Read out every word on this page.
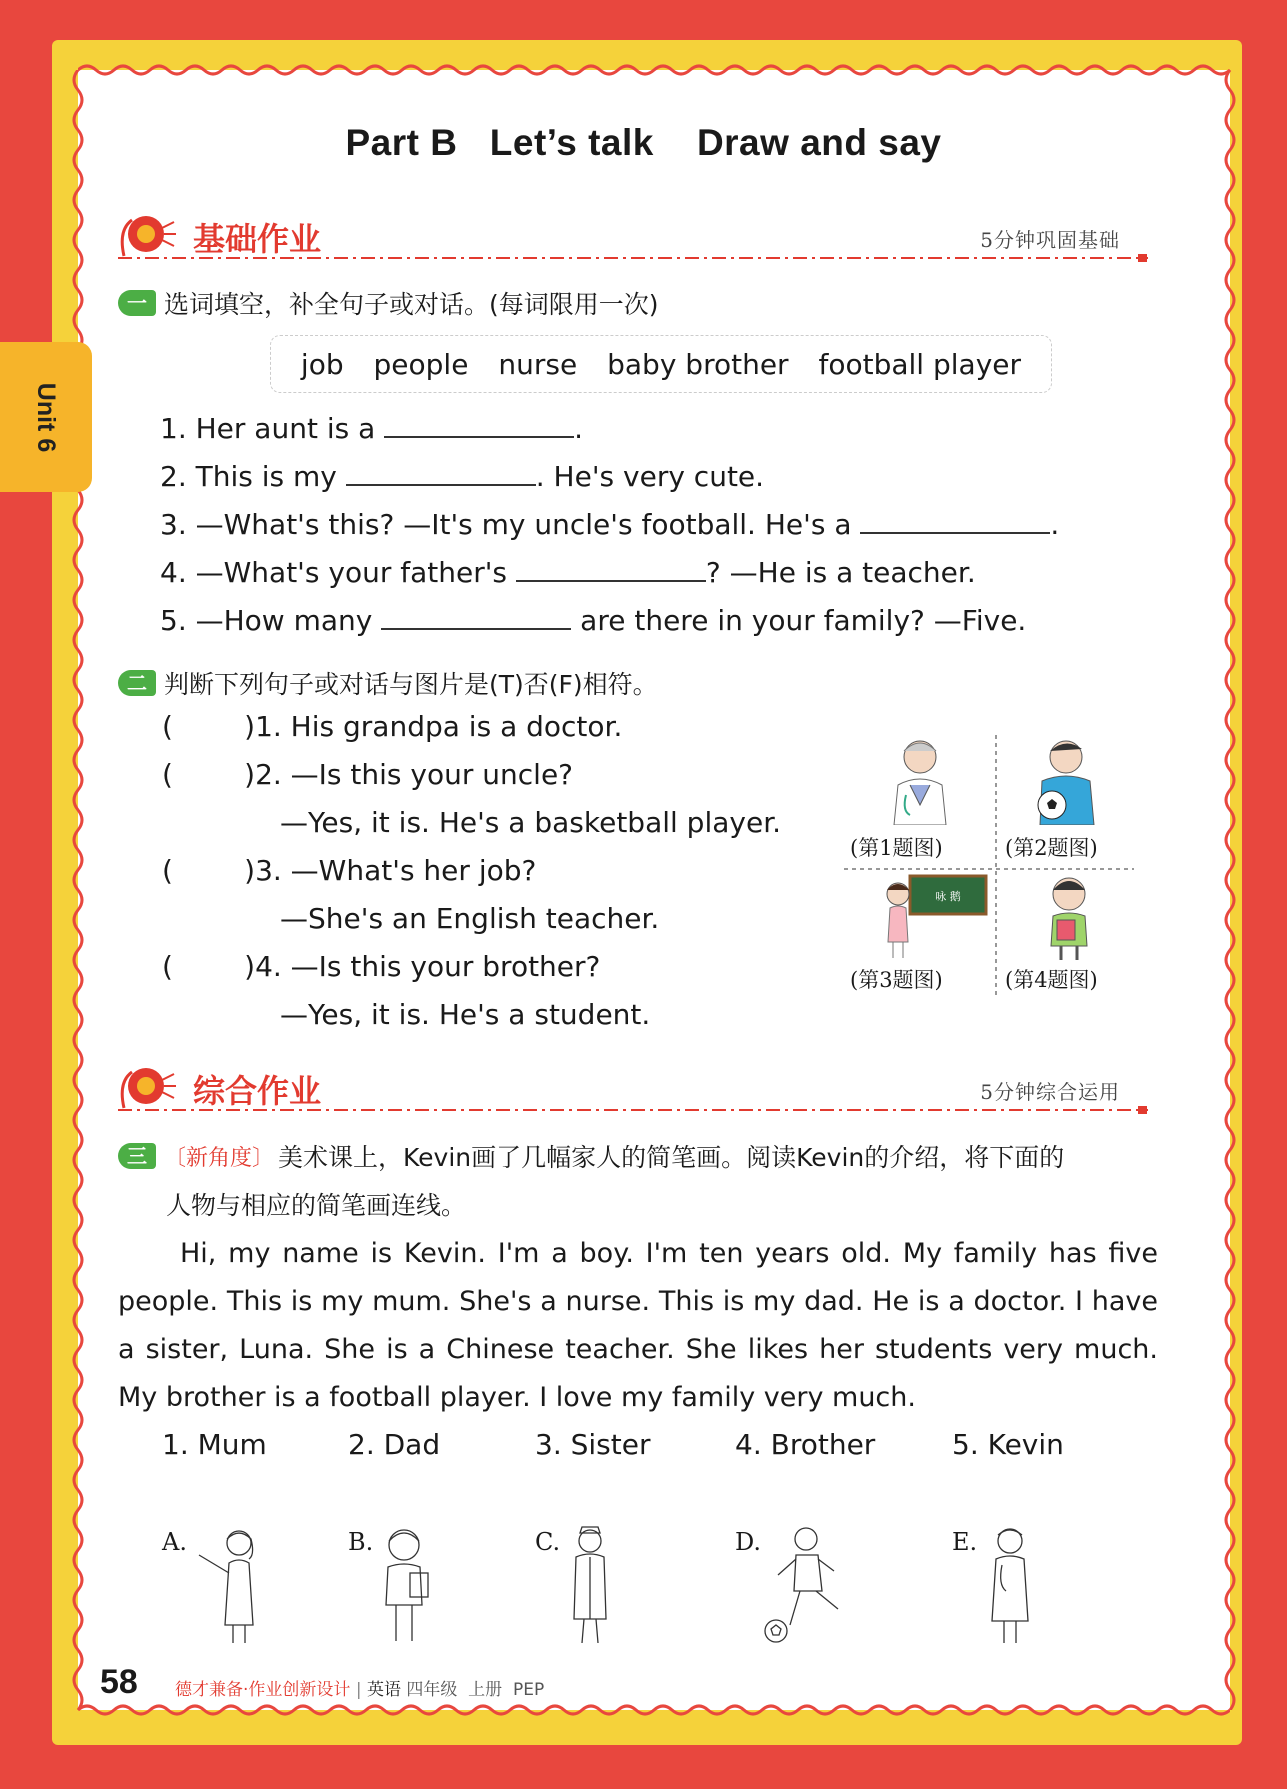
Unit 6
Part B   Let’s talk    Draw and say
基础作业	5分钟巩固基础
一 选词填空，补全句子或对话。(每词限用一次)
job people nurse baby brother football player
1. Her aunt is a	.
2. This is my	. He's very cute.
3. —What's this? —It's my uncle's football. He's a	.
4. —What's your father's	? —He is a teacher.
5. —How many	are there in your family? —Five.
二 判断下列句子或对话与图片是(T)否(F)相符。
(        )1. His grandpa is a doctor.
(        )2. —Is this your uncle?
—Yes, it is. He's a basketball player.
(        )3. —What's her job?
—She's an English teacher.
(        )4. —Is this your brother?
—Yes, it is. He's a student.
(第1题图)	(第2题图)
咏 鹅
(第3题图)	(第4题图)
综合作业	5分钟综合运用
三 〔新角度〕 美术课上，Kevin画了几幅家人的简笔画。阅读Kevin的介绍，将下面的
人物与相应的简笔画连线。
Hi, my name is Kevin. I'm a boy. I'm ten years old. My family has five
people. This is my mum. She's a nurse. This is my dad. He is a doctor. I have
a sister, Luna. She is a Chinese teacher. She likes her students very much.
My brother is a football player. I love my family very much.
1. Mum	2. Dad	3. Sister	4. Brother	5. Kevin
A.	B.	C.	D.	E.
58 德才兼备·作业创新设计 | 英语 四年级  上册  PEP
